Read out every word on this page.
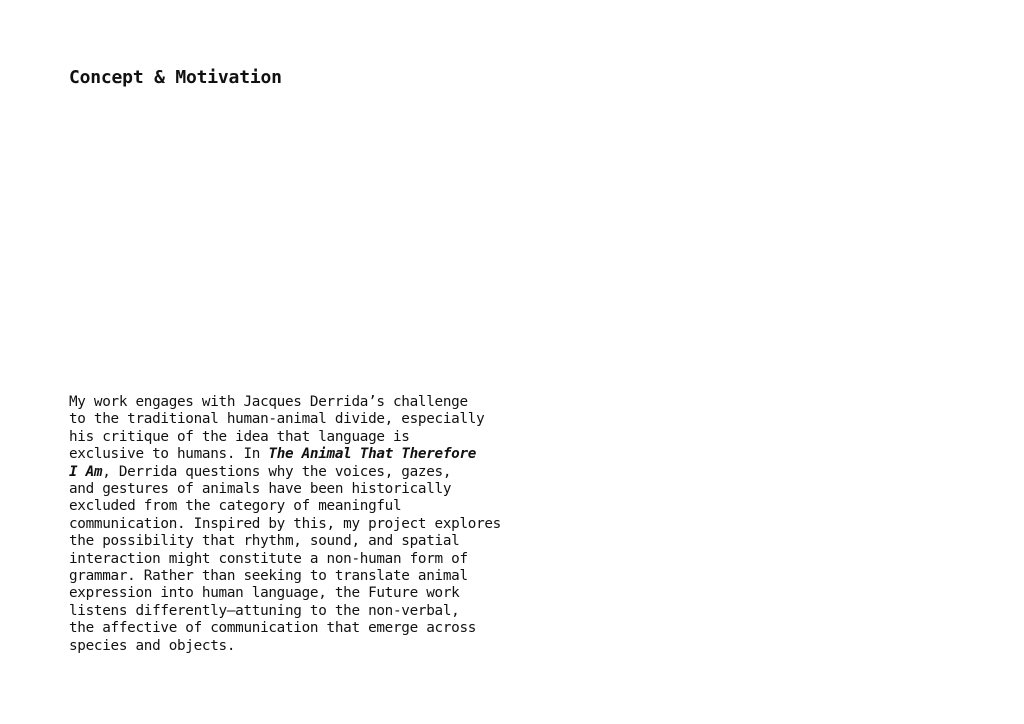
Concept & Motivation
My work engages with Jacques Derrida’s challenge
to the traditional human-animal divide, especially
his critique of the idea that language is
exclusive to humans. In The Animal That Therefore
I Am, Derrida questions why the voices, gazes,
and gestures of animals have been historically
excluded from the category of meaningful
communication. Inspired by this, my project explores
the possibility that rhythm, sound, and spatial
interaction might constitute a non-human form of
grammar. Rather than seeking to translate animal
expression into human language, the Future work
listens differently—attuning to the non-verbal,
the affective of communication that emerge across
species and objects.
